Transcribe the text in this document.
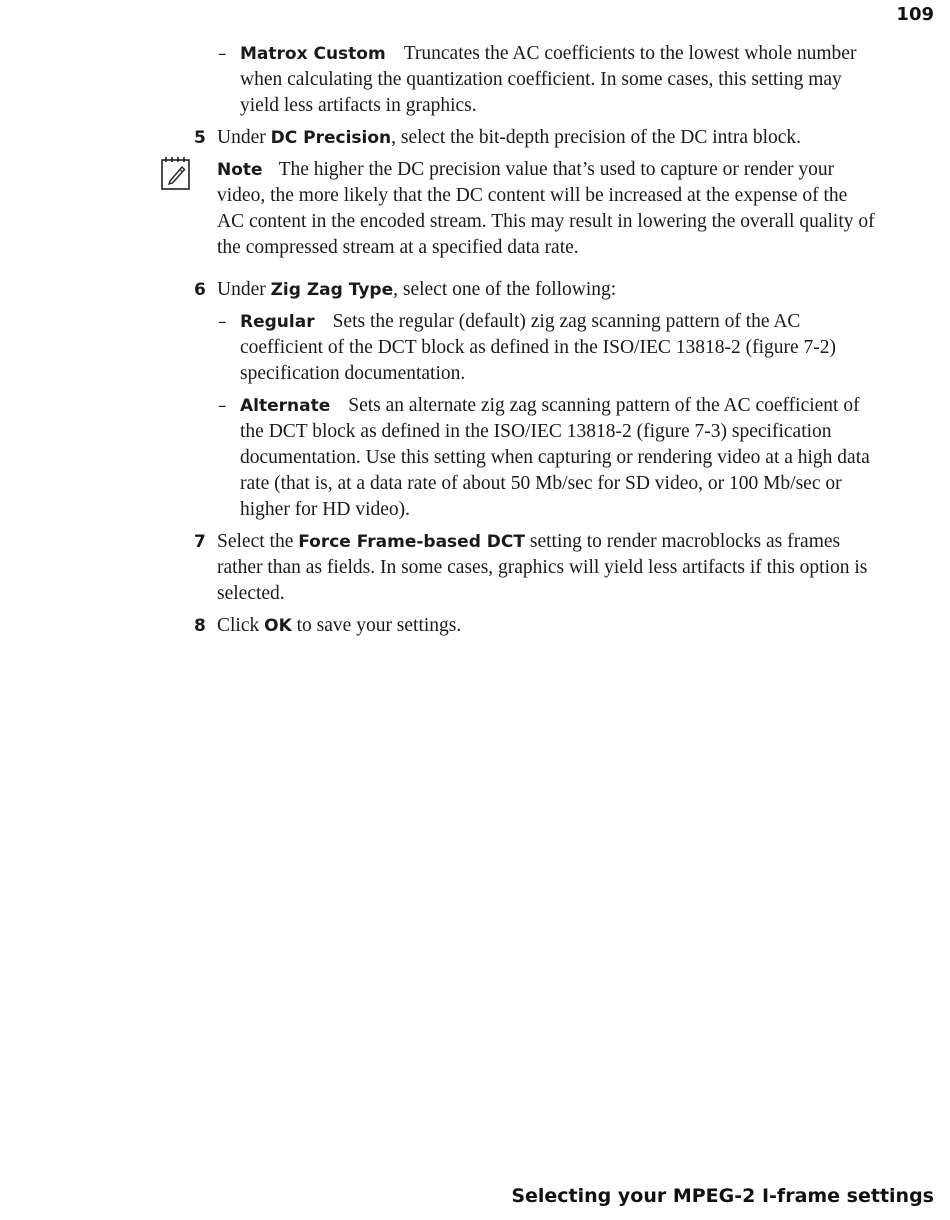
109
– Matrox Custom Truncates the AC coefficients to the lowest whole number when calculating the quantization coefficient. In some cases, this setting may yield less artifacts in graphics.
5 Under DC Precision, select the bit-depth precision of the DC intra block.
Note The higher the DC precision value that’s used to capture or render your video, the more likely that the DC content will be increased at the expense of the AC content in the encoded stream. This may result in lowering the overall quality of the compressed stream at a specified data rate.
6 Under Zig Zag Type, select one of the following:
– Regular Sets the regular (default) zig zag scanning pattern of the AC coefficient of the DCT block as defined in the ISO/IEC 13818-2 (figure 7-2) specification documentation.
– Alternate Sets an alternate zig zag scanning pattern of the AC coefficient of the DCT block as defined in the ISO/IEC 13818-2 (figure 7-3) specification documentation. Use this setting when capturing or rendering video at a high data rate (that is, at a data rate of about 50 Mb/sec for SD video, or 100 Mb/sec or higher for HD video).
7 Select the Force Frame-based DCT setting to render macroblocks as frames rather than as fields. In some cases, graphics will yield less artifacts if this option is selected.
8 Click OK to save your settings.
Selecting your MPEG-2 I-frame settings
